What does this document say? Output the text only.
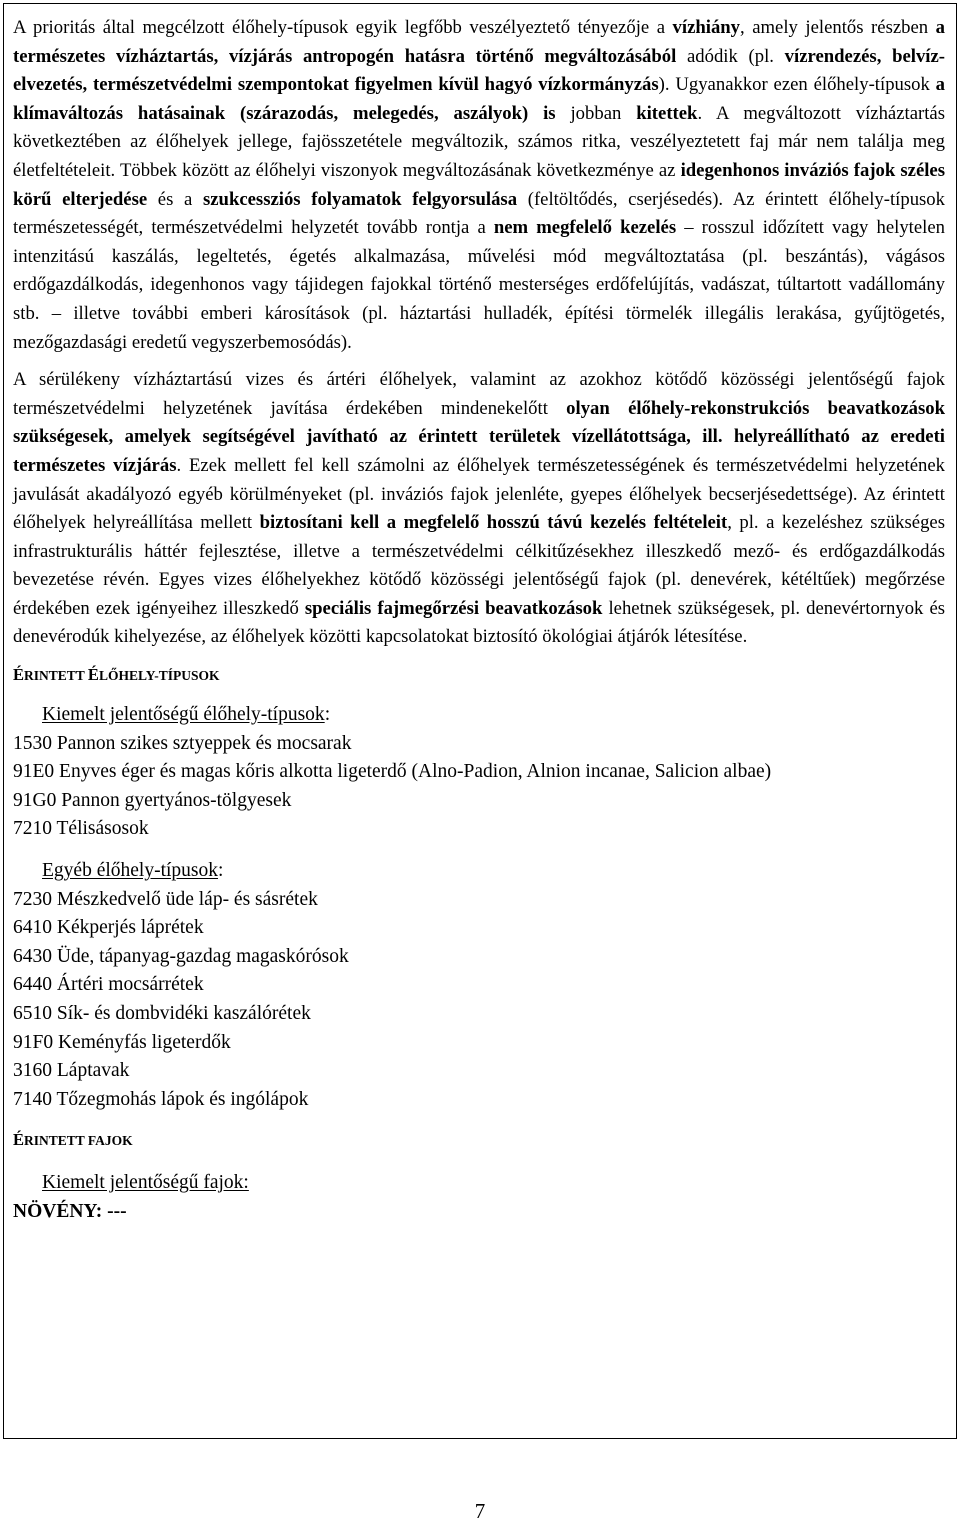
A prioritás által megcélzott élőhely-típusok egyik legfőbb veszélyeztető tényezője a vízhiány, amely jelentős részben a természetes vízháztartás, vízjárás antropogén hatásra történő megváltozásából adódik (pl. vízrendezés, belvíz-elvezetés, természetvédelmi szempontokat figyelmen kívül hagyó vízkormányzás). Ugyanakkor ezen élőhely-típusok a klímaváltozás hatásainak (szárazodás, melegedés, aszályok) is jobban kitettek. A megváltozott vízháztartás következtében az élőhelyek jellege, fajösszetétele megváltozik, számos ritka, veszélyeztetett faj már nem találja meg életfeltételeit. Többek között az élőhelyi viszonyok megváltozásának következménye az idegenhonos inváziós fajok széles körű elterjedése és a szukcessziós folyamatok felgyorsulása (feltöltődés, cserjésedés). Az érintett élőhely-típusok természetességét, természetvédelmi helyzetét tovább rontja a nem megfelelő kezelés – rosszul időzített vagy helytelen intenzitású kaszálás, legeltetés, égetés alkalmazása, művelési mód megváltoztatása (pl. beszántás), vágásos erdőgazdálkodás, idegenhonos vagy tájidegen fajokkal történő mesterséges erdőfelújítás, vadászat, túltartott vadállomány stb. – illetve további emberi károsítások (pl. háztartási hulladék, építési törmelék illegális lerakása, gyűjtögetés, mezőgazdasági eredetű vegyszerbemosódás).

A sérülékeny vízháztartású vizes és ártéri élőhelyek, valamint az azokhoz kötődő közösségi jelentőségű fajok természetvédelmi helyzetének javítása érdekében mindenekelőtt olyan élőhely-rekonstrukciós beavatkozások szükségesek, amelyek segítségével javítható az érintett területek vízellátottsága, ill. helyreállítható az eredeti természetes vízjárás. Ezek mellett fel kell számolni az élőhelyek természetességének és természetvédelmi helyzetének javulását akadályozó egyéb körülményeket (pl. inváziós fajok jelenléte, gyepes élőhelyek becserjésedettsége). Az érintett élőhelyek helyreállítása mellett biztosítani kell a megfelelő hosszú távú kezelés feltételeit, pl. a kezeléshez szükséges infrastrukturális háttér fejlesztése, illetve a természetvédelmi célkitűzésekhez illeszkedő mező- és erdőgazdálkodás bevezetése révén. Egyes vizes élőhelyekhez kötődő közösségi jelentőségű fajok (pl. denevérek, kétéltűek) megőrzése érdekében ezek igényeihez illeszkedő speciális fajmegőrzési beavatkozások lehetnek szükségesek, pl. denevértornyok és denevérodúk kihelyezése, az élőhelyek közötti kapcsolatokat biztosító ökológiai átjárók létesítése.

ÉRINTETT ÉLŐHELY-TÍPUSOK
Kiemelt jelentőségű élőhely-típusok:
1530 Pannon szikes sztyeppek és mocsarak
91E0 Enyves éger és magas kőris alkotta ligeterdő (Alno-Padion, Alnion incanae, Salicion albae)
91G0 Pannon gyertyános-tölgyesek
7210 Télisásosok
Egyéb élőhely-típusok:
7230 Mészkedvelő üde láp- és sásrétek
6410 Kékperjés láprétek
6430 Üde, tápanyag-gazdag magaskórósok
6440 Ártéri mocsárrétek
6510 Sík- és dombvidéki kaszálórétek
91F0 Keményfás ligeterdők
3160 Láptavak
7140 Tőzegmohás lápok és ingólápok
ÉRINTETT FAJOK
Kiemelt jelentőségű fajok:
NÖVÉNY: ---
7
